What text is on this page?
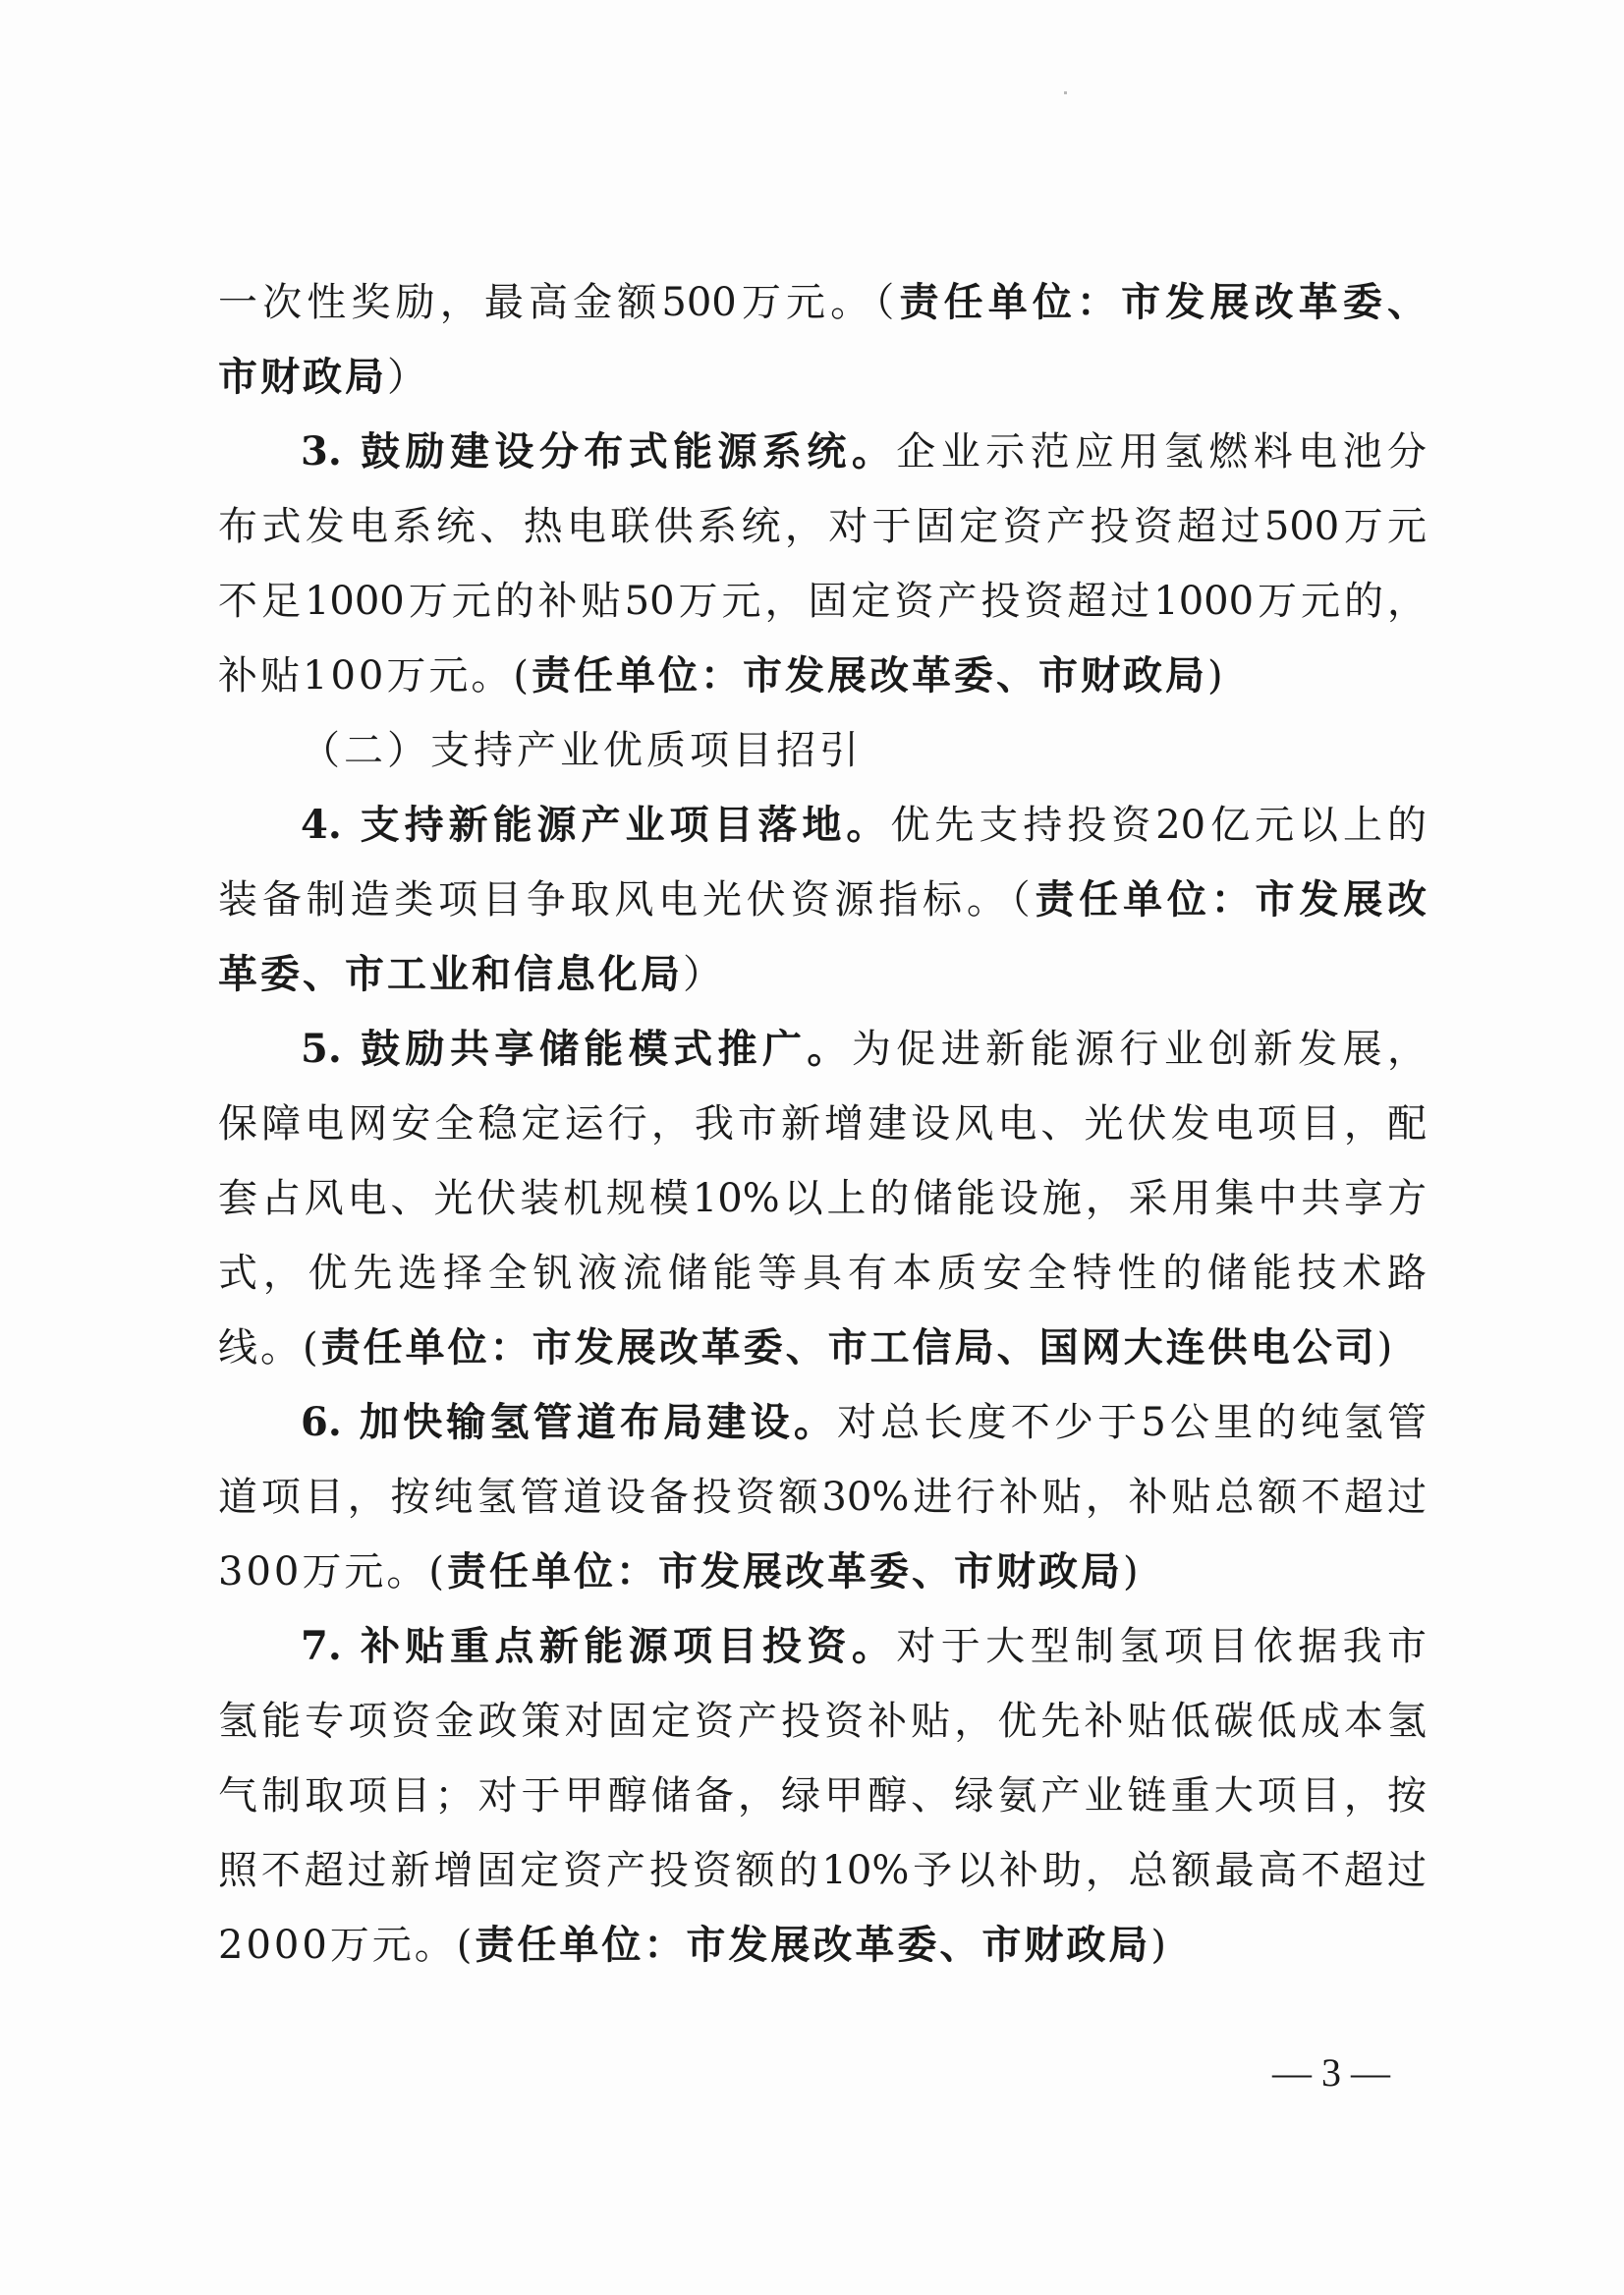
一次性奖励，最高金额500万元。（责任单位：市发展改革委、
市财政局）
3. 鼓励建设分布式能源系统。企业示范应用氢燃料电池分
布式发电系统、热电联供系统，对于固定资产投资超过500万元
不足1000万元的补贴50万元，固定资产投资超过1000万元的，
补贴100万元。(责任单位：市发展改革委、市财政局)
（二）支持产业优质项目招引
4. 支持新能源产业项目落地。优先支持投资20亿元以上的
装备制造类项目争取风电光伏资源指标。（责任单位：市发展改
革委、市工业和信息化局）
5. 鼓励共享储能模式推广。为促进新能源行业创新发展，
保障电网安全稳定运行，我市新增建设风电、光伏发电项目，配
套占风电、光伏装机规模10%以上的储能设施，采用集中共享方
式，优先选择全钒液流储能等具有本质安全特性的储能技术路
线。(责任单位：市发展改革委、市工信局、国网大连供电公司)
6. 加快输氢管道布局建设。对总长度不少于5公里的纯氢管
道项目，按纯氢管道设备投资额30%进行补贴，补贴总额不超过
300万元。(责任单位：市发展改革委、市财政局)
7. 补贴重点新能源项目投资。对于大型制氢项目依据我市
氢能专项资金政策对固定资产投资补贴，优先补贴低碳低成本氢
气制取项目；对于甲醇储备，绿甲醇、绿氨产业链重大项目，按
照不超过新增固定资产投资额的10%予以补助，总额最高不超过
2000万元。(责任单位：市发展改革委、市财政局)
— 3 —
